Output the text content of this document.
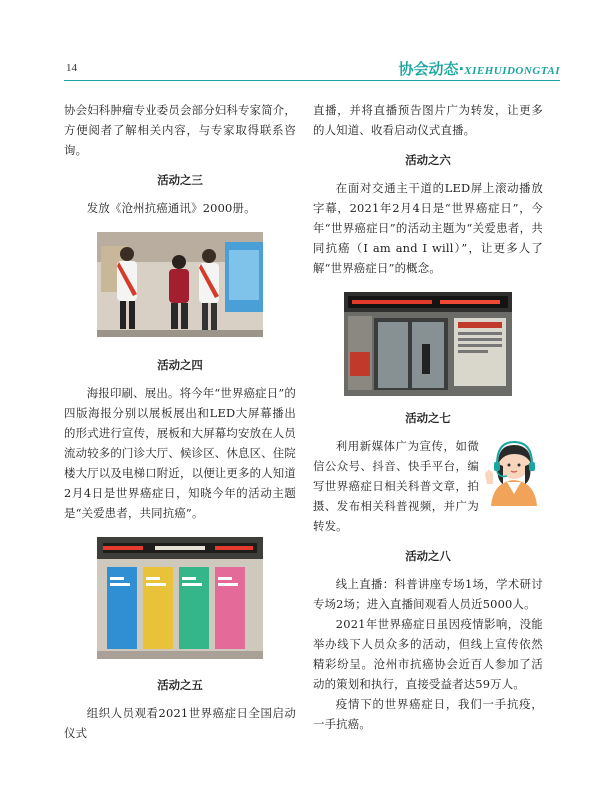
14	协会动态·XIEHUIDONGTAI

协会妇科肿瘤专业委员会部分妇科专家简介，方便阅者了解相关内容，与专家取得联系咨询。

活动之三

发放《沧州抗癌通讯》2000册。

活动之四

海报印刷、展出。将今年“世界癌症日”的四版海报分别以展板展出和LED大屏幕播出的形式进行宣传，展板和大屏幕均安放在人员流动较多的门诊大厅、候诊区、休息区、住院楼大厅以及电梯口附近，以便让更多的人知道2月4日是世界癌症日，知晓今年的活动主题是“关爱患者，共同抗癌”。

活动之五

组织人员观看2021世界癌症日全国启动仪式

直播，并将直播预告图片广为转发，让更多的人知道、收看启动仪式直播。

活动之六

在面对交通主干道的LED屏上滚动播放字幕，2021年2月4日是“世界癌症日”，今年“世界癌症日”的活动主题为“关爱患者，共同抗癌（I am and I will）”，让更多人了解“世界癌症日”的概念。

活动之七

利用新媒体广为宣传，如微信公众号、抖音、快手平台，编写世界癌症日相关科普文章，拍摄、发布相关科普视频，并广为转发。

活动之八

线上直播：科普讲座专场1场，学术研讨专场2场；进入直播间观看人员近5000人。

2021年世界癌症日虽因疫情影响，没能举办线下人员众多的活动，但线上宣传依然精彩纷呈。沧州市抗癌协会近百人参加了活动的策划和执行，直接受益者达59万人。

疫情下的世界癌症日，我们一手抗疫，一手抗癌。
